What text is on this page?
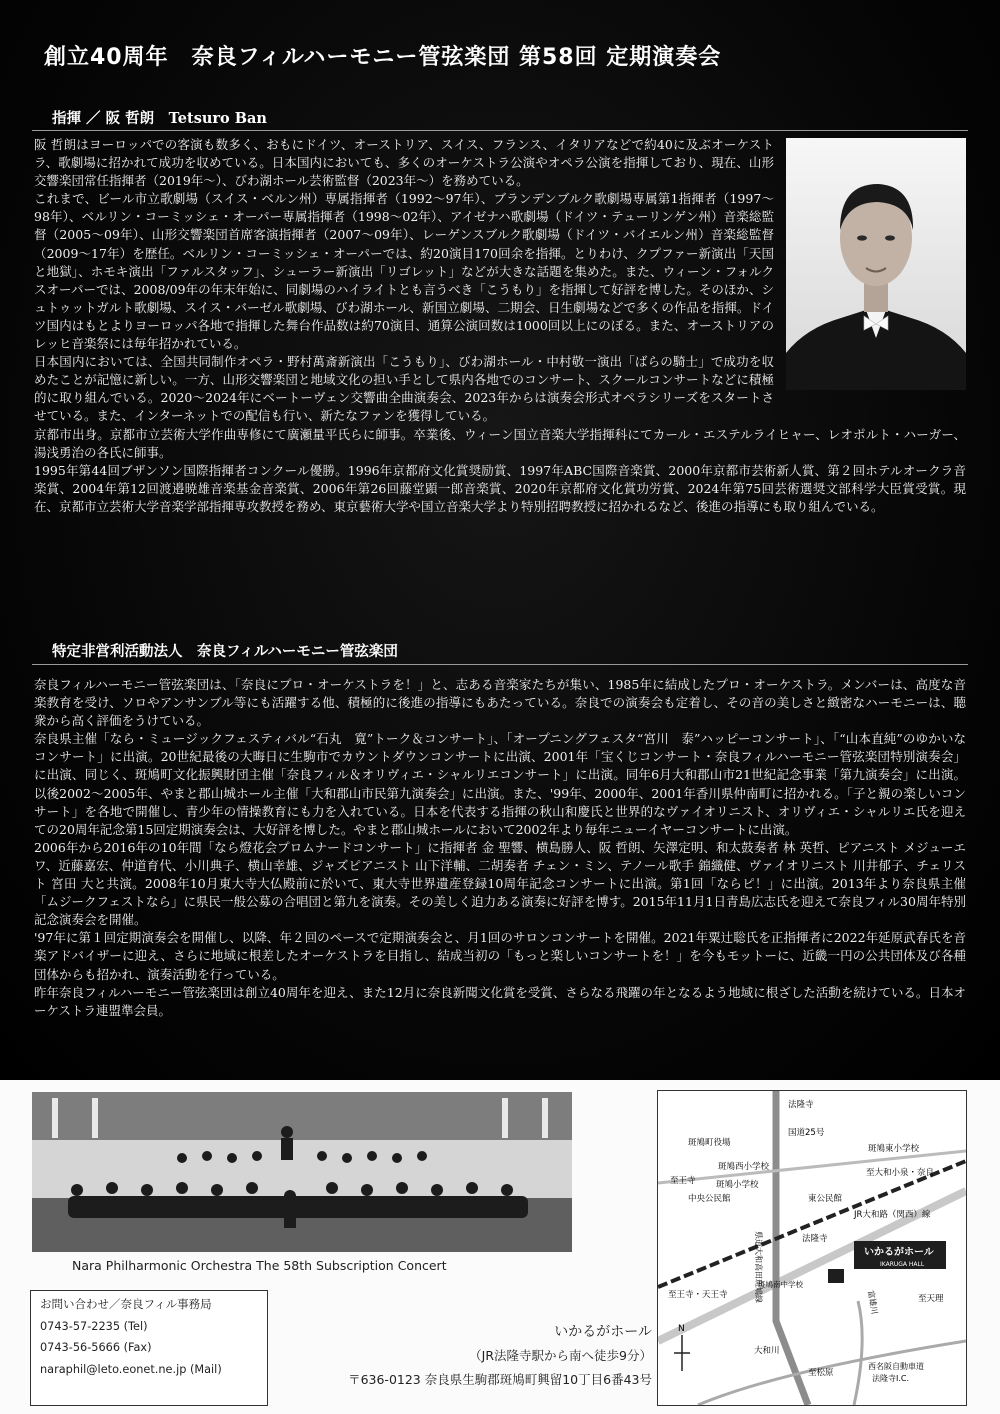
創立40周年　奈良フィルハーモニー管弦楽団 第58回 定期演奏会
指揮 ／ 阪 哲朗　Tetsuro Ban

阪 哲朗はヨーロッパでの客演も数多く、おもにドイツ、オーストリア、スイス、フランス、イタリアなどで約40に及ぶオーケストラ、歌劇場に招かれて成功を収めている。日本国内においても、多くのオーケストラ公演やオペラ公演を指揮しており、現在、山形交響楽団常任指揮者（2019年～）、びわ湖ホール芸術監督（2023年～）を務めている。

これまで、ビール市立歌劇場（スイス・ベルン州）専属指揮者（1992～97年）、ブランデンブルク歌劇場専属第1指揮者（1997～98年）、ベルリン・コーミッシェ・オーパー専属指揮者（1998～02年）、アイゼナハ歌劇場（ドイツ・テューリンゲン州）音楽総監督（2005～09年）、山形交響楽団首席客演指揮者（2007～09年）、レーゲンスブルク歌劇場（ドイツ・バイエルン州）音楽総監督（2009～17年）を歴任。ベルリン・コーミッシェ・オーパーでは、約20演目170回余を指揮。とりわけ、クプファー新演出「天国と地獄」、ホモキ演出「ファルスタッフ」、シューラー新演出「リゴレット」などが大きな話題を集めた。また、ウィーン・フォルクスオーパーでは、2008/09年の年末年始に、同劇場のハイライトとも言うべき「こうもり」を指揮して好評を博した。そのほか、シュトゥットガルト歌劇場、スイス・バーゼル歌劇場、びわ湖ホール、新国立劇場、二期会、日生劇場などで多くの作品を指揮。ドイツ国内はもとよりヨーロッパ各地で指揮した舞台作品数は約70演目、通算公演回数は1000回以上にのぼる。また、オーストリアのレッヒ音楽祭には毎年招かれている。

日本国内においては、全国共同制作オペラ・野村萬斎新演出「こうもり」、びわ湖ホール・中村敬一演出「ばらの騎士」で成功を収めたことが記憶に新しい。一方、山形交響楽団と地域文化の担い手として県内各地でのコンサート、スクールコンサートなどに積極的に取り組んでいる。2020～2024年にベートーヴェン交響曲全曲演奏会、2023年からは演奏会形式オペラシリーズをスタートさせている。また、インターネットでの配信も行い、新たなファンを獲得している。

京都市出身。京都市立芸術大学作曲専修にて廣瀬量平氏らに師事。卒業後、ウィーン国立音楽大学指揮科にてカール・エステルライヒャー、レオポルト・ハーガー、湯浅勇治の各氏に師事。

1995年第44回ブザンソン国際指揮者コンクール優勝。1996年京都府文化賞奨励賞、1997年ABC国際音楽賞、2000年京都市芸術新人賞、第２回ホテルオークラ音楽賞、2004年第12回渡邉暁雄音楽基金音楽賞、2006年第26回藤堂顕一郎音楽賞、2020年京都府文化賞功労賞、2024年第75回芸術選奨文部科学大臣賞受賞。現在、京都市立芸術大学音楽学部指揮専攻教授を務め、東京藝術大学や国立音楽大学より特別招聘教授に招かれるなど、後進の指導にも取り組んでいる。

特定非営利活動法人　奈良フィルハーモニー管弦楽団

奈良フィルハーモニー管弦楽団は、「奈良にプロ・オーケストラを！」と、志ある音楽家たちが集い、1985年に結成したプロ・オーケストラ。メンバーは、高度な音楽教育を受け、ソロやアンサンブル等にも活躍する他、積極的に後進の指導にもあたっている。奈良での演奏会も定着し、その音の美しさと緻密なハーモニーは、聴衆から高く評価をうけている。

奈良県主催「なら・ミュージックフェスティバル“石丸　寛”トーク＆コンサート」、「オープニングフェスタ“宮川　泰”ハッピーコンサート」、「“山本直純”のゆかいなコンサート」に出演。20世紀最後の大晦日に生駒市でカウントダウンコンサートに出演、2001年「宝くじコンサート・奈良フィルハーモニー管弦楽団特別演奏会」に出演、同じく、斑鳩町文化振興財団主催「奈良フィル＆オリヴィエ・シャルリエコンサート」に出演。同年6月大和郡山市21世紀記念事業「第九演奏会」に出演。以後2002～2005年、やまと郡山城ホール主催「大和郡山市民第九演奏会」に出演。また、'99年、2000年、2001年香川県仲南町に招かれる。「子と親の楽しいコンサート」を各地で開催し、青少年の情操教育にも力を入れている。日本を代表する指揮の秋山和慶氏と世界的なヴァイオリニスト、オリヴィエ・シャルリエ氏を迎えての20周年記念第15回定期演奏会は、大好評を博した。やまと郡山城ホールにおいて2002年より毎年ニューイヤーコンサートに出演。

2006年から2016年の10年間「なら燈花会プロムナードコンサート」に指揮者 金 聖響、横島勝人、阪 哲朗、矢澤定明、和太鼓奏者 林 英哲、ピアニスト メジューエワ、近藤嘉宏、仲道育代、小川典子、横山幸雄、ジャズピアニスト 山下洋輔、二胡奏者 チェン・ミン、テノール歌手 錦織健、ヴァイオリニスト 川井郁子、チェリスト 宮田 大と共演。2008年10月東大寺大仏殿前に於いて、東大寺世界遺産登録10周年記念コンサートに出演。第1回「ならピ！」に出演。2013年より奈良県主催「ムジークフェストなら」に県民一般公募の合唱団と第九を演奏。その美しく迫力ある演奏に好評を博す。2015年11月1日青島広志氏を迎えて奈良フィル30周年特別記念演奏会を開催。

'97年に第１回定期演奏会を開催し、以降、年２回のペースで定期演奏会と、月1回のサロンコンサートを開催。2021年粟辻聡氏を正指揮者に2022年延原武春氏を音楽アドバイザーに迎え、さらに地域に根差したオーケストラを目指し、結成当初の「もっと楽しいコンサートを！」を今もモットーに、近畿一円の公共団体及び各種団体からも招かれ、演奏活動を行っている。

昨年奈良フィルハーモニー管弦楽団は創立40周年を迎え、また12月に奈良新聞文化賞を受賞、さらなる飛躍の年となるよう地域に根ざした活動を続けている。日本オーケストラ連盟準会員。

Nara Philharmonic Orchestra The 58th Subscription Concert

お問い合わせ／奈良フィル事務局
0743-57-2235 (Tel)
0743-56-5666 (Fax)
naraphil@leto.eonet.ne.jp (Mail)
いかるがホール
（JR法隆寺駅から南へ徒歩9分）
〒636-0123 奈良県生駒郡斑鳩町興留10丁目6番43号
法隆寺
国道25号
斑鳩町役場
斑鳩西小学校
斑鳩東小学校
至王寺 斑鳩小学校
中央公民館
至大和小泉・奈良
東公民館
県道大和高田斑鳩線	法隆寺
JR大和路（関西）線
いかるがホール
IKARUGA HALL
至王寺・天王寺
斑鳩南中学校
富雄川	至天理
大和川
至松原
西名阪自動車道
法隆寺I.C.
N
